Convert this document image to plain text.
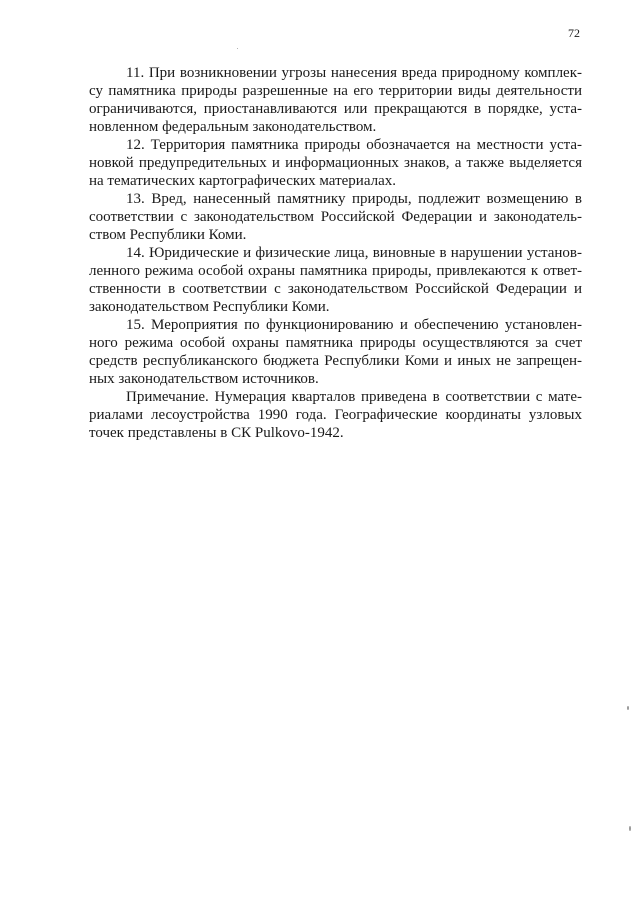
72

11. При возникновении угрозы нанесения вреда природному комплек-
су памятника природы разрешенные на его территории виды деятельности
ограничиваются, приостанавливаются или прекращаются в порядке, уста-
новленном федеральным законодательством.

12. Территория памятника природы обозначается на местности уста-
новкой предупредительных и информационных знаков, а также выделяется
на тематических картографических материалах.

13. Вред, нанесенный памятнику природы, подлежит возмещению в
соответствии с законодательством Российской Федерации и законодатель-
ством Республики Коми.

14. Юридические и физические лица, виновные в нарушении установ-
ленного режима особой охраны памятника природы, привлекаются к ответ-
ственности в соответствии с законодательством Российской Федерации и
законодательством Республики Коми.

15. Мероприятия по функционированию и обеспечению установлен-
ного режима особой охраны памятника природы осуществляются за счет
средств республиканского бюджета Республики Коми и иных не запрещен-
ных законодательством источников.

Примечание. Нумерация кварталов приведена в соответствии с мате-
риалами лесоустройства 1990 года. Географические координаты узловых
точек представлены в СК Pulkovo-1942.
